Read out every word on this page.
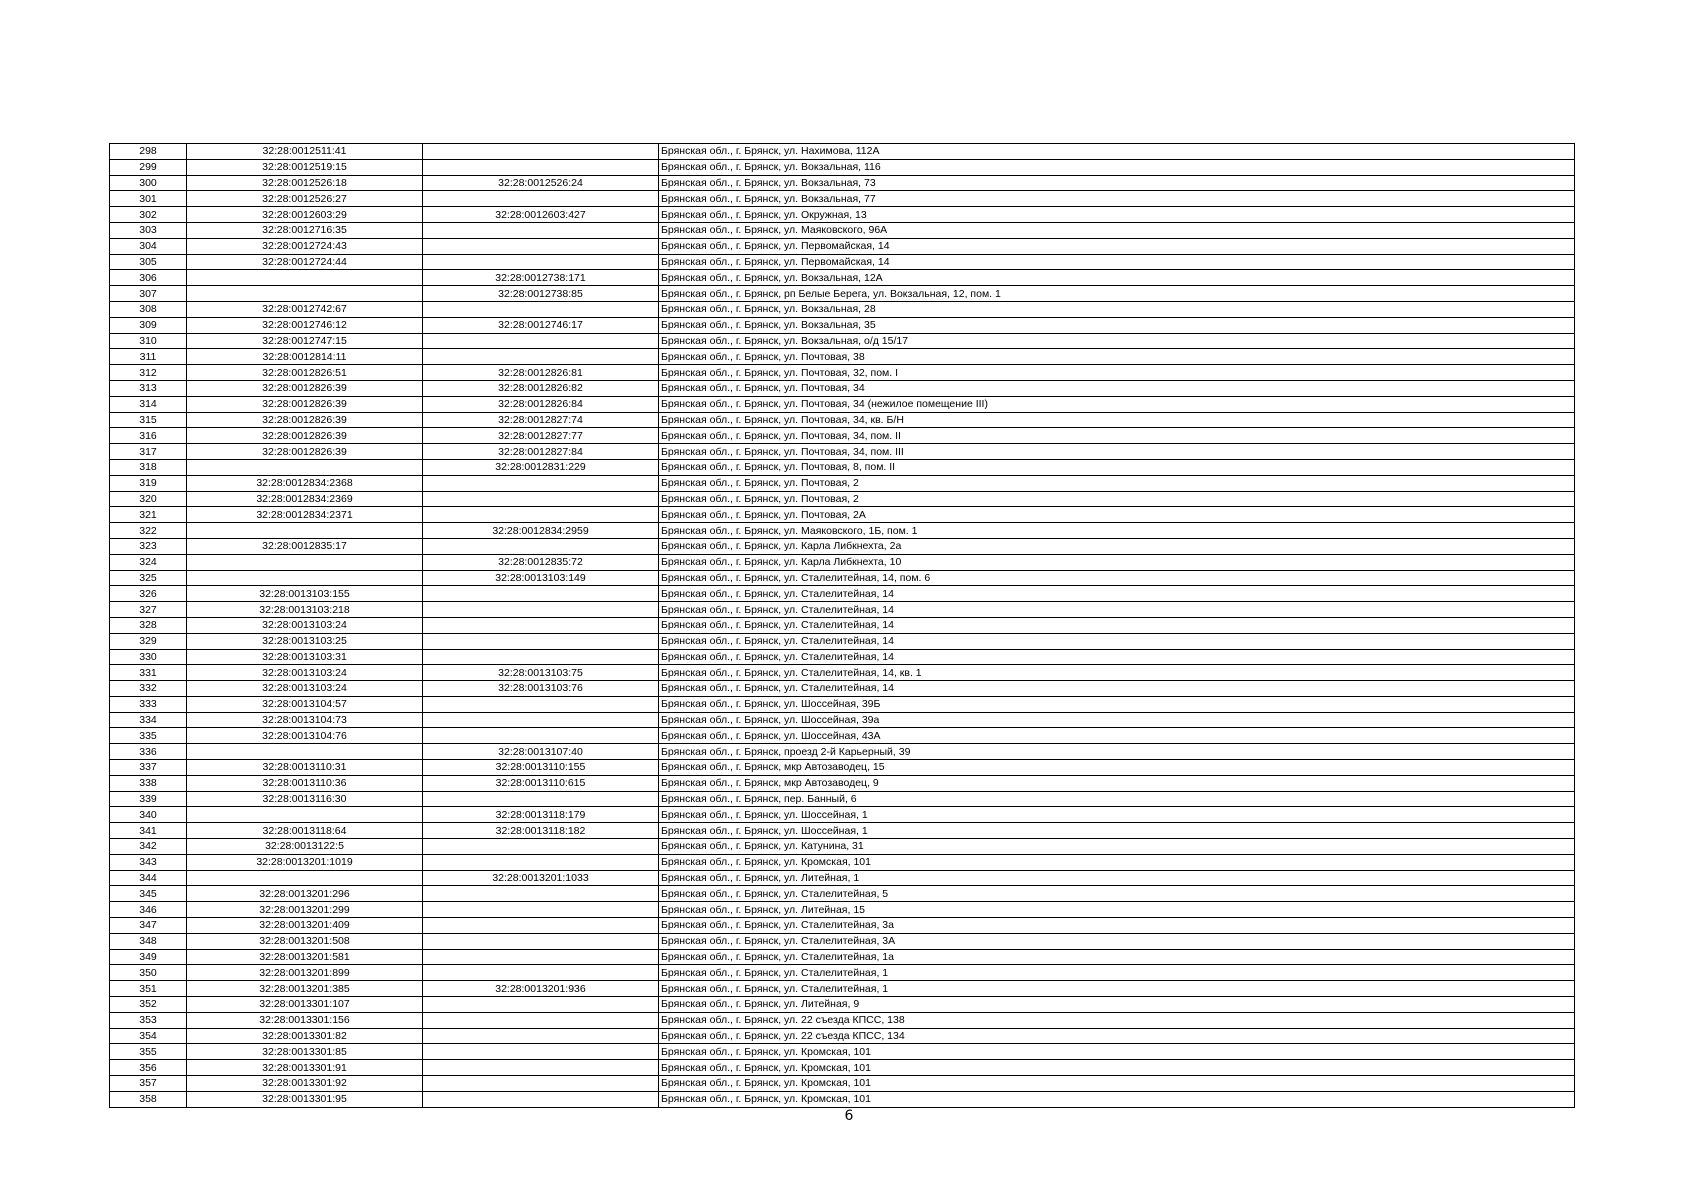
298	32:28:0012511:41		Брянская обл., г. Брянск, ул. Нахимова, 112А
299	32:28:0012519:15		Брянская обл., г. Брянск, ул. Вокзальная, 116
300	32:28:0012526:18	32:28:0012526:24	Брянская обл., г. Брянск, ул. Вокзальная, 73
301	32:28:0012526:27		Брянская обл., г. Брянск, ул. Вокзальная, 77
302	32:28:0012603:29	32:28:0012603:427	Брянская обл., г. Брянск, ул. Окружная, 13
303	32:28:0012716:35		Брянская обл., г. Брянск, ул. Маяковского, 96А
304	32:28:0012724:43		Брянская обл., г. Брянск, ул. Первомайская, 14
305	32:28:0012724:44		Брянская обл., г. Брянск, ул. Первомайская, 14
306		32:28:0012738:171	Брянская обл., г. Брянск, ул. Вокзальная, 12А
307		32:28:0012738:85	Брянская обл., г. Брянск, рп Белые Берега, ул. Вокзальная, 12, пом. 1
308	32:28:0012742:67		Брянская обл., г. Брянск, ул. Вокзальная, 28
309	32:28:0012746:12	32:28:0012746:17	Брянская обл., г. Брянск, ул. Вокзальная, 35
310	32:28:0012747:15		Брянская обл., г. Брянск, ул. Вокзальная, о/д 15/17
311	32:28:0012814:11		Брянская обл., г. Брянск, ул. Почтовая, 38
312	32:28:0012826:51	32:28:0012826:81	Брянская обл., г. Брянск, ул. Почтовая, 32, пом. I
313	32:28:0012826:39	32:28:0012826:82	Брянская обл., г. Брянск, ул. Почтовая, 34
314	32:28:0012826:39	32:28:0012826:84	Брянская обл., г. Брянск, ул. Почтовая, 34 (нежилое помещение III)
315	32:28:0012826:39	32:28:0012827:74	Брянская обл., г. Брянск, ул. Почтовая, 34, кв. Б/Н
316	32:28:0012826:39	32:28:0012827:77	Брянская обл., г. Брянск, ул. Почтовая, 34, пом. II
317	32:28:0012826:39	32:28:0012827:84	Брянская обл., г. Брянск, ул. Почтовая, 34, пом. III
318		32:28:0012831:229	Брянская обл., г. Брянск, ул. Почтовая, 8, пом. II
319	32:28:0012834:2368		Брянская обл., г. Брянск, ул. Почтовая, 2
320	32:28:0012834:2369		Брянская обл., г. Брянск, ул. Почтовая, 2
321	32:28:0012834:2371		Брянская обл., г. Брянск, ул. Почтовая, 2А
322		32:28:0012834:2959	Брянская обл., г. Брянск, ул. Маяковского, 1Б, пом. 1
323	32:28:0012835:17		Брянская обл., г. Брянск, ул. Карла Либкнехта, 2а
324		32:28:0012835:72	Брянская обл., г. Брянск, ул. Карла Либкнехта, 10
325		32:28:0013103:149	Брянская обл., г. Брянск, ул. Сталелитейная, 14, пом. 6
326	32:28:0013103:155		Брянская обл., г. Брянск, ул. Сталелитейная, 14
327	32:28:0013103:218		Брянская обл., г. Брянск, ул. Сталелитейная, 14
328	32:28:0013103:24		Брянская обл., г. Брянск, ул. Сталелитейная, 14
329	32:28:0013103:25		Брянская обл., г. Брянск, ул. Сталелитейная, 14
330	32:28:0013103:31		Брянская обл., г. Брянск, ул. Сталелитейная, 14
331	32:28:0013103:24	32:28:0013103:75	Брянская обл., г. Брянск, ул. Сталелитейная, 14, кв. 1
332	32:28:0013103:24	32:28:0013103:76	Брянская обл., г. Брянск, ул. Сталелитейная, 14
333	32:28:0013104:57		Брянская обл., г. Брянск, ул. Шоссейная, 39Б
334	32:28:0013104:73		Брянская обл., г. Брянск, ул. Шоссейная, 39а
335	32:28:0013104:76		Брянская обл., г. Брянск, ул. Шоссейная, 43А
336		32:28:0013107:40	Брянская обл., г. Брянск, проезд 2-й Карьерный, 39
337	32:28:0013110:31	32:28:0013110:155	Брянская обл., г. Брянск, мкр Автозаводец, 15
338	32:28:0013110:36	32:28:0013110:615	Брянская обл., г. Брянск, мкр Автозаводец, 9
339	32:28:0013116:30		Брянская обл., г. Брянск, пер. Банный, 6
340		32:28:0013118:179	Брянская обл., г. Брянск, ул. Шоссейная, 1
341	32:28:0013118:64	32:28:0013118:182	Брянская обл., г. Брянск, ул. Шоссейная, 1
342	32:28:0013122:5		Брянская обл., г. Брянск, ул. Катунина, 31
343	32:28:0013201:1019		Брянская обл., г. Брянск, ул. Кромская, 101
344		32:28:0013201:1033	Брянская обл., г. Брянск, ул. Литейная, 1
345	32:28:0013201:296		Брянская обл., г. Брянск, ул. Сталелитейная, 5
346	32:28:0013201:299		Брянская обл., г. Брянск, ул. Литейная, 15
347	32:28:0013201:409		Брянская обл., г. Брянск, ул. Сталелитейная, 3а
348	32:28:0013201:508		Брянская обл., г. Брянск, ул. Сталелитейная, 3А
349	32:28:0013201:581		Брянская обл., г. Брянск, ул. Сталелитейная, 1а
350	32:28:0013201:899		Брянская обл., г. Брянск, ул. Сталелитейная, 1
351	32:28:0013201:385	32:28:0013201:936	Брянская обл., г. Брянск, ул. Сталелитейная, 1
352	32:28:0013301:107		Брянская обл., г. Брянск, ул. Литейная, 9
353	32:28:0013301:156		Брянская обл., г. Брянск, ул. 22 съезда КПСС, 138
354	32:28:0013301:82		Брянская обл., г. Брянск, ул. 22 съезда КПСС, 134
355	32:28:0013301:85		Брянская обл., г. Брянск, ул. Кромская, 101
356	32:28:0013301:91		Брянская обл., г. Брянск, ул. Кромская, 101
357	32:28:0013301:92		Брянская обл., г. Брянск, ул. Кромская, 101
358	32:28:0013301:95		Брянская обл., г. Брянск, ул. Кромская, 101
6
